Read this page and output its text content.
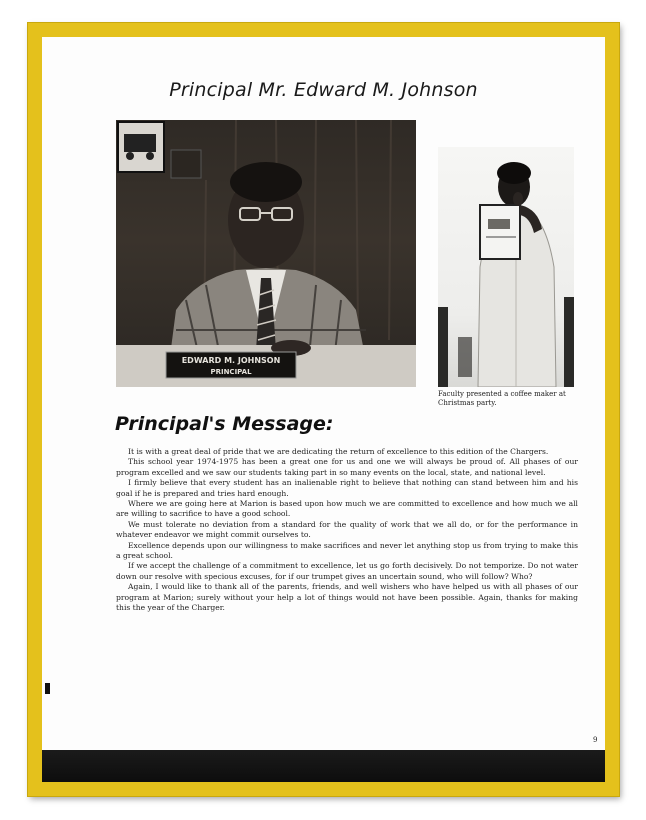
Principal Mr. Edward M. Johnson
EDWARD M. JOHNSON
PRINCIPAL
Faculty presented a coffee maker at Christmas party.
Principal's Message:

It is with a great deal of pride that we are dedicating the return of excellence to this edition of the Chargers.

This school year 1974-1975 has been a great one for us and one we will always be proud of. All phases of our program excelled and we saw our students taking part in so many events on the local, state, and national level.

I firmly believe that every student has an inalienable right to believe that nothing can stand between him and his goal if he is prepared and tries hard enough.

Where we are going here at Marion is based upon how much we are committed to excellence and how much we all are willing to sacrifice to have a good school.

We must tolerate no deviation from a standard for the quality of work that we all do, or for the performance in whatever endeavor we might commit ourselves to.

Excellence depends upon our willingness to make sacrifices and never let anything stop us from trying to make this a great school.

If we accept the challenge of a commitment to excellence, let us go forth decisively. Do not temporize. Do not water down our resolve with specious excuses, for if our trumpet gives an uncertain sound, who will follow? Who?

Again, I would like to thank all of the parents, friends, and well wishers who have helped us with all phases of our program at Marion; surely without your help a lot of things would not have been possible. Again, thanks for making this the year of the Charger.

9
